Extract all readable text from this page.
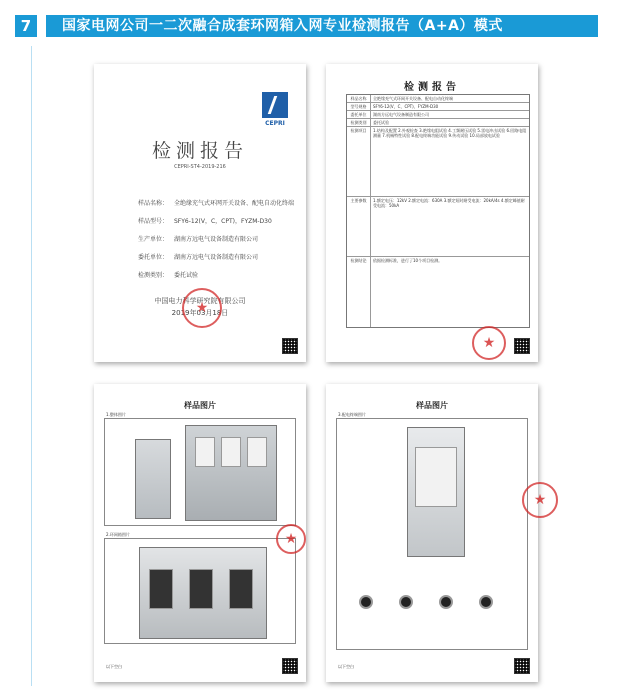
7	国家电网公司一二次融合成套环网箱入网专业检测报告（A+A）模式
CEPRI
检测报告
CEPRI-ST4-2019-216
样品名称： 全绝缘充气式环网开关设备、配电自动化终端
样品型号： SFY6-12(V，C，CPT)，FYZM-D30
生产单位： 湖南方远电气设备制造有限公司
委托单位： 湖南方远电气设备制造有限公司
检测类别： 委托试验
中国电力科学研究院有限公司
2019年03月18日
★
检测报告
样品名称	全绝缘充气式环网开关设备、配电自动化终端
型号规格	SFY6-12(V，C，CPT)、FYZM-D30
委托单位	湖南方远电气设备制造有限公司
检测类别	委托试验
检测项目	1.结构及配置 2.外观检查 3.绝缘电阻试验 4.工频耐压试验 5.雷电冲击试验 6.回路电阻测量 7.机械特性试验 8.配电终端功能试验 9.传动试验 10.局部放电试验
主要参数	1.额定电压：12kV 2.额定电流：630A 3.额定短时耐受电流：20kA/4s 4.额定峰值耐受电流：50kA
检测结论	依据检测标准，进行了10个项目检测。
★
样品图片
1.整体图片
2.环网箱图片
★
以下空白
样品图片
3.配电终端图片
以下空白
★
